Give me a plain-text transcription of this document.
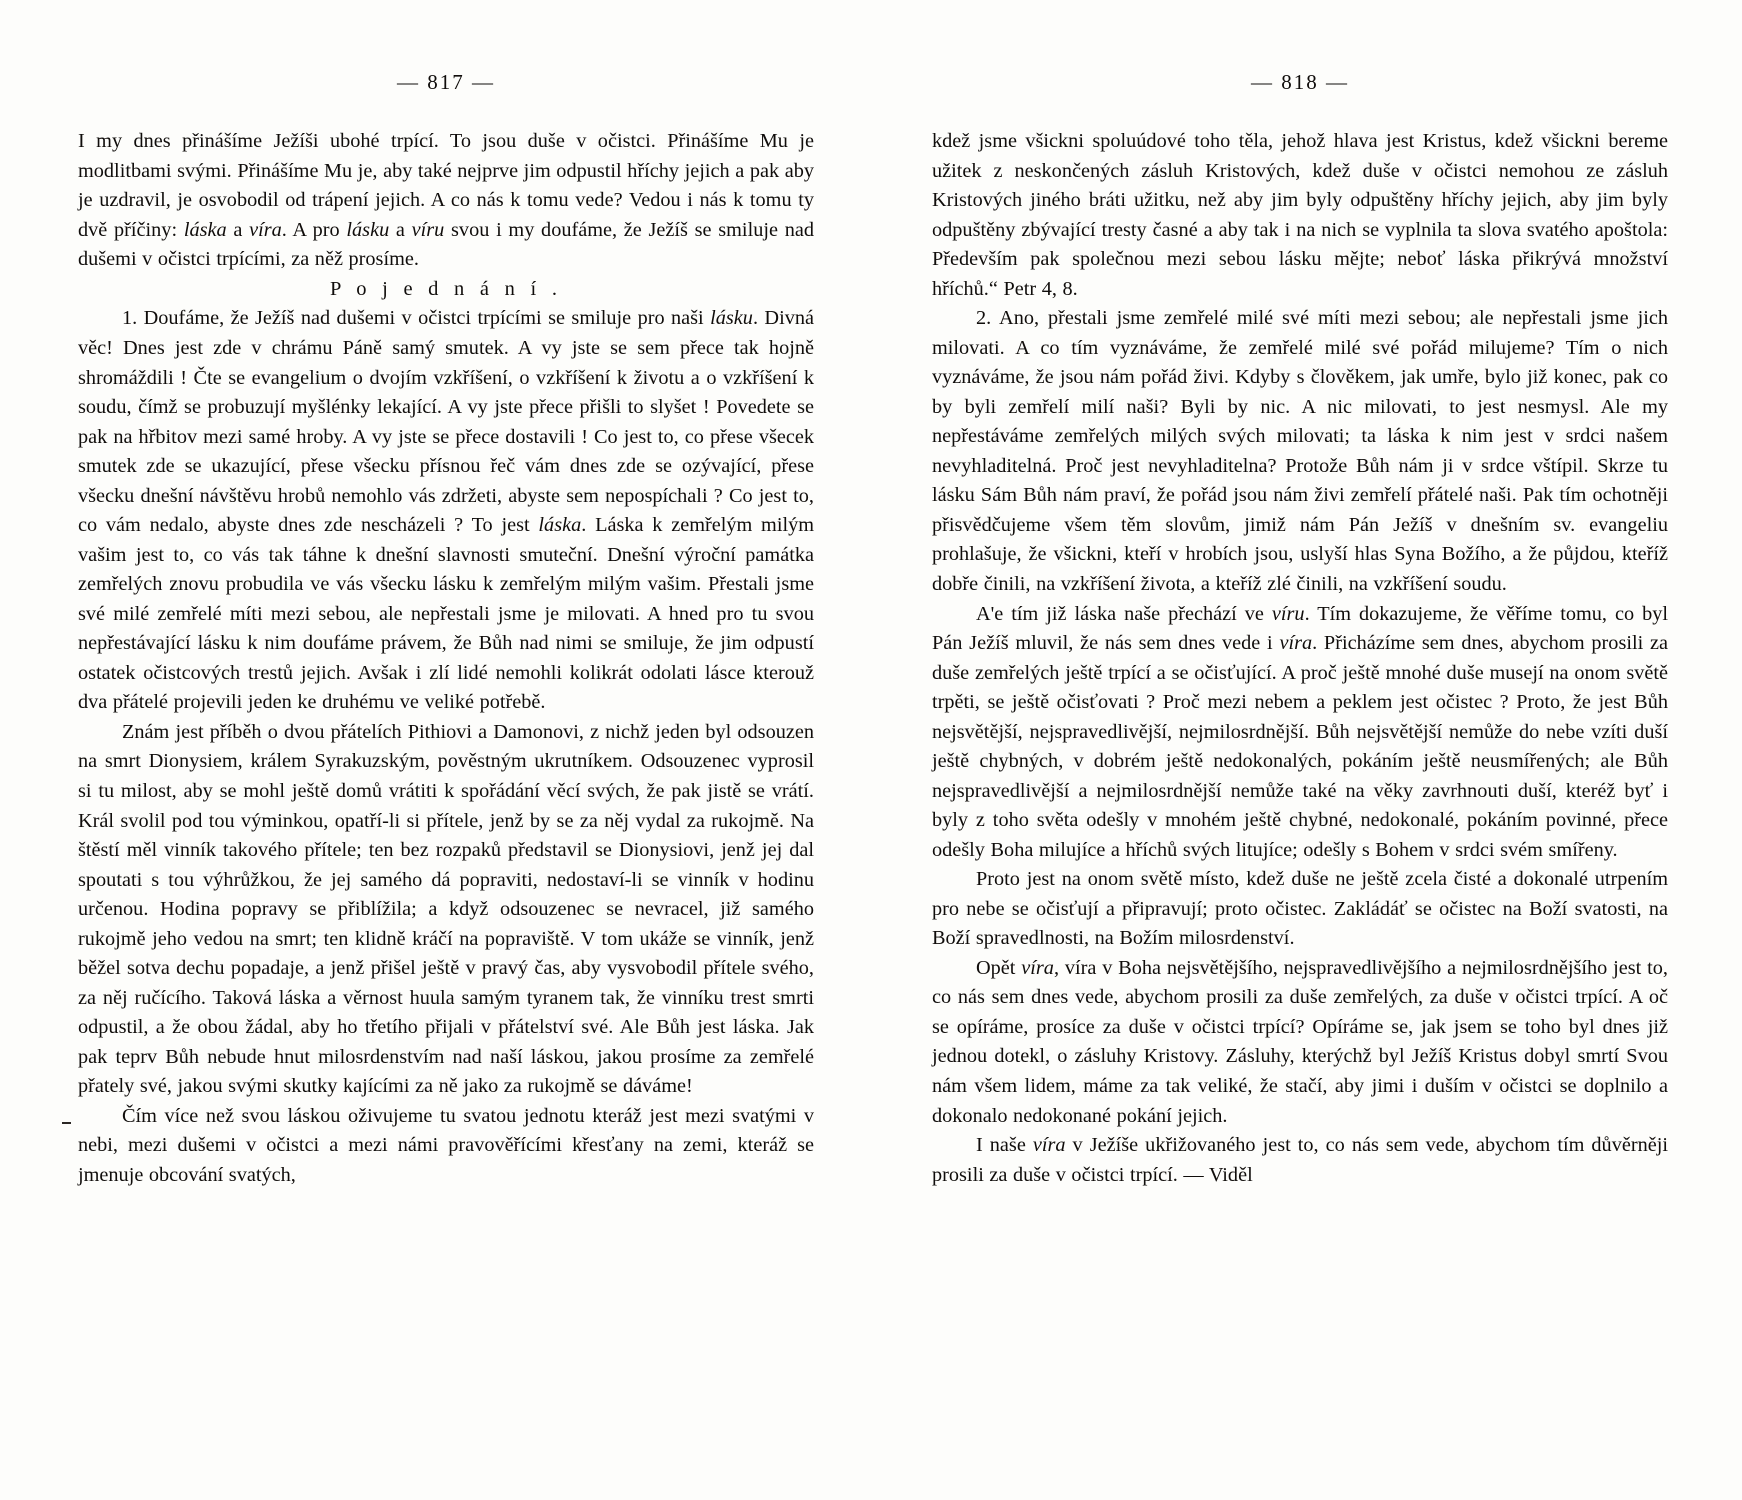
— 817 —

I my dnes přinášíme Ježíši ubohé trpící. To jsou duše v očistci. Přinášíme Mu je modlitbami svými. Přinášíme Mu je, aby také nejprve jim odpustil hříchy jejich a pak aby je uzdravil, je osvobodil od trápení jejich. A co nás k tomu vede? Vedou i nás k tomu ty dvě příčiny: láska a víra. A pro lásku a víru svou i my doufáme, že Ježíš se smiluje nad dušemi v očistci trpícími, za něž prosíme.

P o j e d n á n í .

1. Doufáme, že Ježíš nad dušemi v očistci trpícími se smiluje pro naši lásku. Divná věc! Dnes jest zde v chrámu Páně samý smutek. A vy jste se sem přece tak hojně shromáždili ! Čte se evangelium o dvojím vzkříšení, o vzkříšení k životu a o vzkříšení k soudu, čímž se probuzují myšlénky lekající. A vy jste přece přišli to slyšet ! Povedete se pak na hřbitov mezi samé hroby. A vy jste se přece dostavili ! Co jest to, co přese všecek smutek zde se ukazující, přese všecku přísnou řeč vám dnes zde se ozývající, přese všecku dnešní návštěvu hrobů nemohlo vás zdržeti, abyste sem nepospíchali ? Co jest to, co vám nedalo, abyste dnes zde nescházeli ? To jest láska. Láska k zemřelým milým vašim jest to, co vás tak táhne k dnešní slavnosti smuteční. Dnešní výroční památka zemřelých znovu probudila ve vás všecku lásku k zemřelým milým vašim. Přestali jsme své milé zemřelé míti mezi sebou, ale nepřestali jsme je milovati. A hned pro tu svou nepřestávající lásku k nim doufáme právem, že Bůh nad nimi se smiluje, že jim odpustí ostatek očistcových trestů jejich. Avšak i zlí lidé nemohli kolikrát odolati lásce kterouž dva přátelé projevili jeden ke druhému ve veliké potřebě.

Znám jest příběh o dvou přátelích Pithiovi a Damonovi, z nichž jeden byl odsouzen na smrt Dionysiem, králem Syrakuzským, pověstným ukrutníkem. Odsouzenec vyprosil si tu milost, aby se mohl ještě domů vrátiti k spořádání věcí svých, že pak jistě se vrátí. Král svolil pod tou výminkou, opatří-li si přítele, jenž by se za něj vydal za rukojmě. Na štěstí měl vinník takového přítele; ten bez rozpaků představil se Dionysiovi, jenž jej dal spoutati s tou výhrůžkou, že jej samého dá popraviti, nedostaví-li se vinník v hodinu určenou. Hodina popravy se přiblížila; a když odsouzenec se nevracel, již samého rukojmě jeho vedou na smrt; ten klidně kráčí na popraviště. V tom ukáže se vinník, jenž běžel sotva dechu popadaje, a jenž přišel ještě v pravý čas, aby vysvobodil přítele svého, za něj ručícího. Taková láska a věrnost huula samým tyranem tak, že vinníku trest smrti odpustil, a že obou žádal, aby ho třetího přijali v přátelství své. Ale Bůh jest láska. Jak pak teprv Bůh nebude hnut milosrdenstvím nad naší láskou, jakou prosíme za zemřelé přately své, jakou svými skutky kajícími za ně jako za rukojmě se dáváme!

Čím více než svou láskou oživujeme tu svatou jednotu kteráž jest mezi svatými v nebi, mezi dušemi v očistci a mezi námi pravověřícími křesťany na zemi, kteráž se jmenuje obcování svatých,

— 818 —

kdež jsme všickni spoluúdové toho těla, jehož hlava jest Kristus, kdež všickni bereme užitek z neskončených zásluh Kristových, kdež duše v očistci nemohou ze zásluh Kristových jiného bráti užitku, než aby jim byly odpuštěny hříchy jejich, aby jim byly odpuštěny zbývající tresty časné a aby tak i na nich se vyplnila ta slova svatého apoštola: Především pak společnou mezi sebou lásku mějte; neboť láska přikrývá množství hříchů.“ Petr 4, 8.

2. Ano, přestali jsme zemřelé milé své míti mezi sebou; ale nepřestali jsme jich milovati. A co tím vyznáváme, že zemřelé milé své pořád milujeme? Tím o nich vyznáváme, že jsou nám pořád živi. Kdyby s člověkem, jak umře, bylo již konec, pak co by byli zemřelí milí naši? Byli by nic. A nic milovati, to jest nesmysl. Ale my nepřestáváme zemřelých milých svých milovati; ta láska k nim jest v srdci našem nevyhladitelná. Proč jest nevyhladitelna? Protože Bůh nám ji v srdce vštípil. Skrze tu lásku Sám Bůh nám praví, že pořád jsou nám živi zemřelí přátelé naši. Pak tím ochotněji přisvědčujeme všem těm slovům, jimiž nám Pán Ježíš v dnešním sv. evangeliu prohlašuje, že všickni, kteří v hrobích jsou, uslyší hlas Syna Božího, a že půjdou, kteříž dobře činili, na vzkříšení života, a kteříž zlé činili, na vzkříšení soudu.

A'e tím již láska naše přechází ve víru. Tím dokazujeme, že věříme tomu, co byl Pán Ježíš mluvil, že nás sem dnes vede i víra. Přicházíme sem dnes, abychom prosili za duše zemřelých ještě trpící a se očisťující. A proč ještě mnohé duše musejí na onom světě trpěti, se ještě očisťovati ? Proč mezi nebem a peklem jest očistec ? Proto, že jest Bůh nejsvětější, nejspravedlivější, nejmilosrdnější. Bůh nejsvětější nemůže do nebe vzíti duší ještě chybných, v dobrém ještě nedokonalých, pokáním ještě neusmířených; ale Bůh nejspravedlivější a nejmilosrdnější nemůže také na věky zavrhnouti duší, kteréž byť i byly z toho světa odešly v mnohém ještě chybné, nedokonalé, pokáním povinné, přece odešly Boha milujíce a hříchů svých litujíce; odešly s Bohem v srdci svém smířeny.

Proto jest na onom světě místo, kdež duše ne ještě zcela čisté a dokonalé utrpením pro nebe se očisťují a připravují; proto očistec. Zakládáť se očistec na Boží svatosti, na Boží spravedlnosti, na Božím milosrdenství.

Opět víra, víra v Boha nejsvětějšího, nejspravedlivějšího a nejmilosrdnějšího jest to, co nás sem dnes vede, abychom prosili za duše zemřelých, za duše v očistci trpící. A oč se opíráme, prosíce za duše v očistci trpící? Opíráme se, jak jsem se toho byl dnes již jednou dotekl, o zásluhy Kristovy. Zásluhy, kterýchž byl Ježíš Kristus dobyl smrtí Svou nám všem lidem, máme za tak veliké, že stačí, aby jimi i duším v očistci se doplnilo a dokonalo nedokonané pokání jejich.

I naše víra v Ježíše ukřižovaného jest to, co nás sem vede, abychom tím důvěrněji prosili za duše v očistci trpící. — Viděl
